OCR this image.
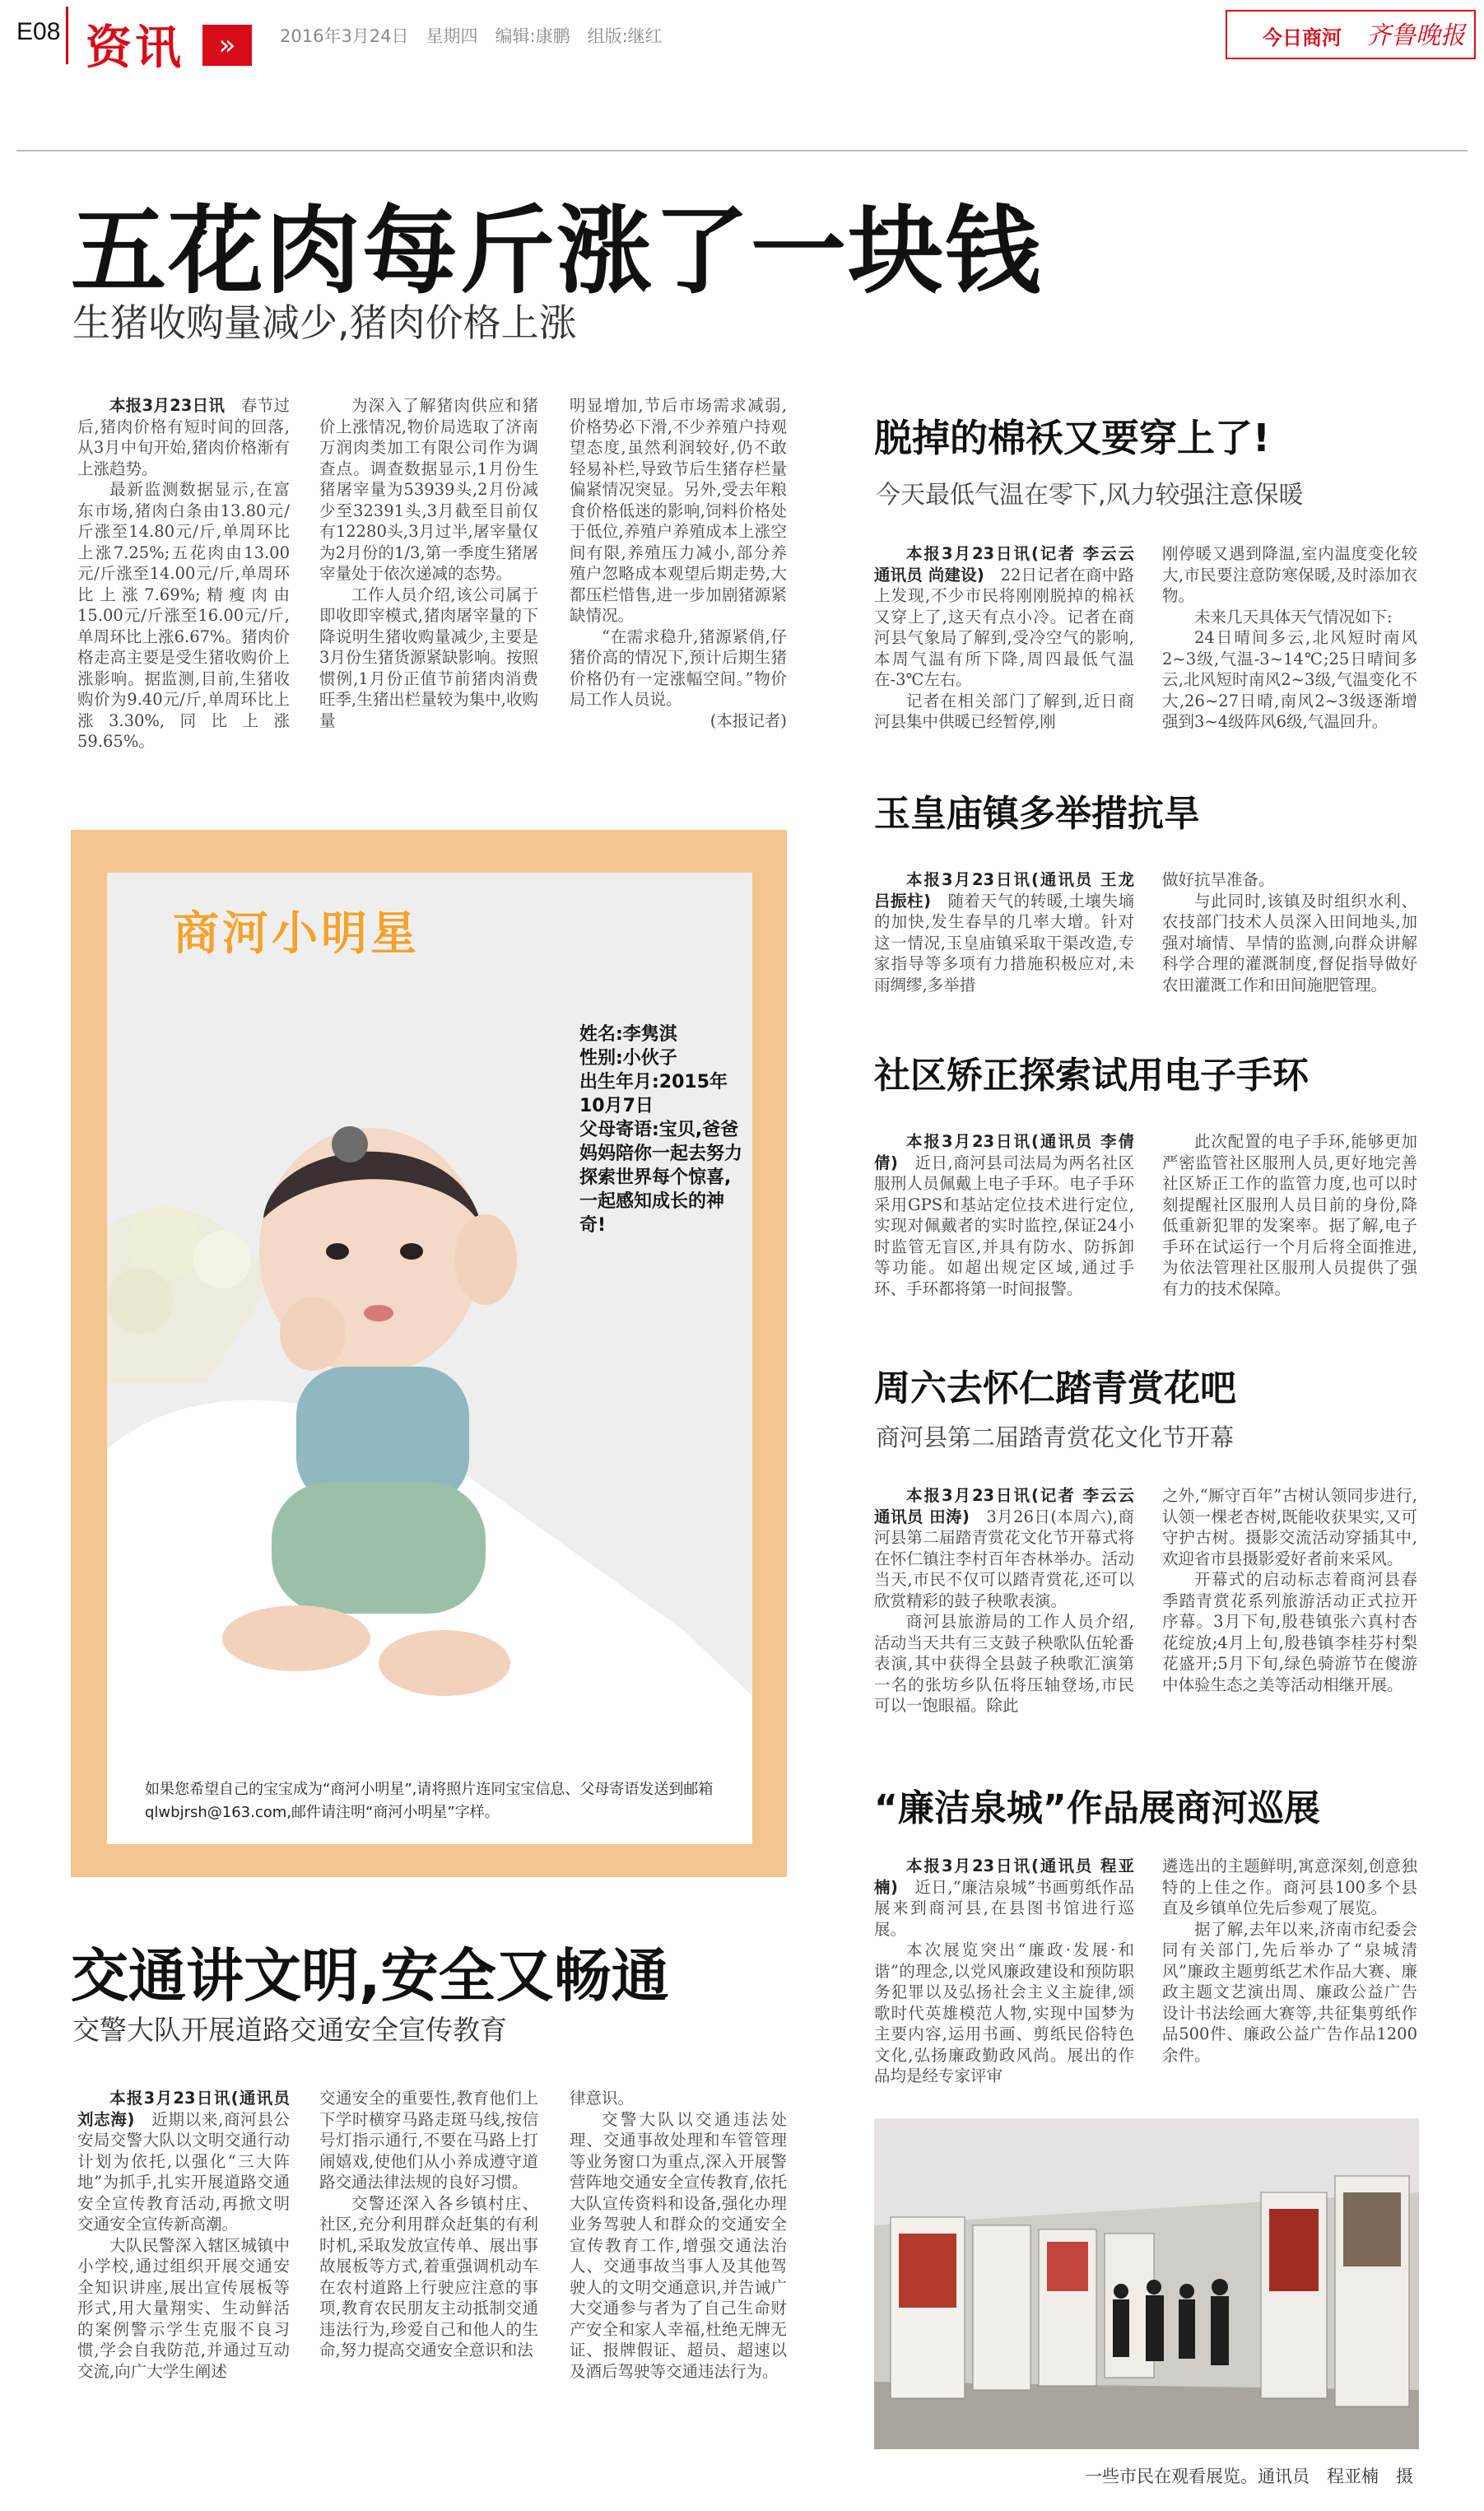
E08 资讯	»	2016年3月24日　星期四　编辑:康鹏　组版:继红	今日商河 齐鲁晚报
五花肉每斤涨了一块钱
生猪收购量减少,猪肉价格上涨
本报3月23日讯　 春节过后,猪肉价格有短时间的回落,从3月中旬开始,猪肉价格渐有上涨趋势。
最新监测数据显示,在富东市场,猪肉白条由13.80元/斤涨至14.80元/斤,单周环比上涨7.25%;五花肉由13.00元/斤涨至14.00元/斤,单周环比上涨7.69%;精瘦肉由15.00元/斤涨至16.00元/斤,单周环比上涨6.67%。猪肉价格走高主要是受生猪收购价上涨影响。据监测,目前,生猪收购价为9.40元/斤,单周环比上涨3.30%,同比上涨59.65%。
为深入了解猪肉供应和猪价上涨情况,物价局选取了济南万润肉类加工有限公司作为调查点。调查数据显示,1月份生猪屠宰量为53939头,2月份减少至32391头,3月截至目前仅有12280头,3月过半,屠宰量仅为2月份的1/3,第一季度生猪屠宰量处于依次递减的态势。
工作人员介绍,该公司属于即收即宰模式,猪肉屠宰量的下降说明生猪收购量减少,主要是3月份生猪货源紧缺影响。按照惯例,1月份正值节前猪肉消费旺季,生猪出栏量较为集中,收购量
明显增加,节后市场需求减弱,价格势必下滑,不少养殖户持观望态度,虽然利润较好,仍不敢轻易补栏,导致节后生猪存栏量偏紧情况突显。另外,受去年粮食价格低迷的影响,饲料价格处于低位,养殖户养殖成本上涨空间有限,养殖压力减小,部分养殖户忽略成本观望后期走势,大都压栏惜售,进一步加剧猪源紧缺情况。
“在需求稳升,猪源紧俏,仔猪价高的情况下,预计后期生猪价格仍有一定涨幅空间。”物价局工作人员说。
(本报记者)
脱掉的棉袄又要穿上了!
今天最低气温在零下,风力较强注意保暖
本报3月23日讯(记者 李云云 通讯员 尚建设)　 22日记者在商中路上发现,不少市民将刚刚脱掉的棉袄又穿上了,这天有点小冷。记者在商河县气象局了解到,受冷空气的影响,本周气温有所下降,周四最低气温在-3℃左右。
记者在相关部门了解到,近日商河县集中供暖已经暂停,刚
刚停暖又遇到降温,室内温度变化较大,市民要注意防寒保暖,及时添加衣物。
未来几天具体天气情况如下:
24日晴间多云,北风短时南风2~3级,气温-3~14℃;25日晴间多云,北风短时南风2~3级,气温变化不大,26~27日晴,南风2~3级逐渐增强到3~4级阵风6级,气温回升。
玉皇庙镇多举措抗旱
本报3月23日讯(通讯员 王龙 吕振柱)　 随着天气的转暖,土壤失墒的加快,发生春旱的几率大增。针对这一情况,玉皇庙镇采取干渠改造,专家指导等多项有力措施积极应对,未雨绸缪,多举措
做好抗旱准备。
与此同时,该镇及时组织水利、农技部门技术人员深入田间地头,加强对墒情、旱情的监测,向群众讲解科学合理的灌溉制度,督促指导做好农田灌溉工作和田间施肥管理。
社区矫正探索试用电子手环
本报3月23日讯(通讯员 李倩倩)　 近日,商河县司法局为两名社区服刑人员佩戴上电子手环。电子手环采用GPS和基站定位技术进行定位,实现对佩戴者的实时监控,保证24小时监管无盲区,并具有防水、防拆卸等功能。如超出规定区域,通过手环、手环都将第一时间报警。
此次配置的电子手环,能够更加严密监管社区服刑人员,更好地完善社区矫正工作的监管力度,也可以时刻提醒社区服刑人员目前的身份,降低重新犯罪的发案率。据了解,电子手环在试运行一个月后将全面推进,为依法管理社区服刑人员提供了强有力的技术保障。
周六去怀仁踏青赏花吧
商河县第二届踏青赏花文化节开幕
本报3月23日讯(记者 李云云 通讯员 田涛)　 3月26日(本周六),商河县第二届踏青赏花文化节开幕式将在怀仁镇注李村百年杏林举办。活动当天,市民不仅可以踏青赏花,还可以欣赏精彩的鼓子秧歌表演。
商河县旅游局的工作人员介绍,活动当天共有三支鼓子秧歌队伍轮番表演,其中获得全县鼓子秧歌汇演第一名的张坊乡队伍将压轴登场,市民可以一饱眼福。除此
之外,“厮守百年”古树认领同步进行,认领一棵老杏树,既能收获果实,又可守护古树。摄影交流活动穿插其中,欢迎省市县摄影爱好者前来采风。
开幕式的启动标志着商河县春季踏青赏花系列旅游活动正式拉开序幕。3月下旬,殷巷镇张六真村杏花绽放;4月上旬,殷巷镇李桂芬村梨花盛开;5月下旬,绿色骑游节在傻游中体验生态之美等活动相继开展。
“廉洁泉城”作品展商河巡展
本报3月23日讯(通讯员 程亚楠)　 近日,“廉洁泉城”书画剪纸作品展来到商河县,在县图书馆进行巡展。
本次展览突出“廉政·发展·和谐”的理念,以党风廉政建设和预防职务犯罪以及弘扬社会主义主旋律,颂歌时代英雄模范人物,实现中国梦为主要内容,运用书画、剪纸民俗特色文化,弘扬廉政勤政风尚。展出的作品均是经专家评审
遴选出的主题鲜明,寓意深刻,创意独特的上佳之作。商河县100多个县直及乡镇单位先后参观了展览。
据了解,去年以来,济南市纪委会同有关部门,先后举办了“泉城清风”廉政主题剪纸艺术作品大赛、廉政主题文艺演出周、廉政公益广告设计书法绘画大赛等,共征集剪纸作品500件、廉政公益广告作品1200余件。
一些市民在观看展览。通讯员　程亚楠　摄
商河小明星
姓名:李隽淇
性别:小伙子
出生年月:2015年10月7日
父母寄语:宝贝,爸爸妈妈陪你一起去努力探索世界每个惊喜,一起感知成长的神奇!
如果您希望自己的宝宝成为“商河小明星”,请将照片连同宝宝信息、父母寄语发送到邮箱qlwbjrsh@163.com,邮件请注明“商河小明星”字样。
交通讲文明,安全又畅通
交警大队开展道路交通安全宣传教育
本报3月23日讯(通讯员 刘志海)　 近期以来,商河县公安局交警大队以文明交通行动计划为依托,以强化“三大阵地”为抓手,扎实开展道路交通安全宣传教育活动,再掀文明交通安全宣传新高潮。
大队民警深入辖区城镇中小学校,通过组织开展交通安全知识讲座,展出宣传展板等形式,用大量翔实、生动鲜活的案例警示学生克服不良习惯,学会自我防范,并通过互动交流,向广大学生阐述
交通安全的重要性,教育他们上下学时横穿马路走斑马线,按信号灯指示通行,不要在马路上打闹嬉戏,使他们从小养成遵守道路交通法律法规的良好习惯。
交警还深入各乡镇村庄、社区,充分利用群众赶集的有利时机,采取发放宣传单、展出事故展板等方式,着重强调机动车在农村道路上行驶应注意的事项,教育农民朋友主动抵制交通违法行为,珍爱自己和他人的生命,努力提高交通安全意识和法
律意识。
交警大队以交通违法处理、交通事故处理和车管管理等业务窗口为重点,深入开展警营阵地交通安全宣传教育,依托大队宣传资料和设备,强化办理业务驾驶人和群众的交通安全宣传教育工作,增强交通法治人、交通事故当事人及其他驾驶人的文明交通意识,并告诫广大交通参与者为了自己生命财产安全和家人幸福,杜绝无牌无证、报牌假证、超员、超速以及酒后驾驶等交通违法行为。
